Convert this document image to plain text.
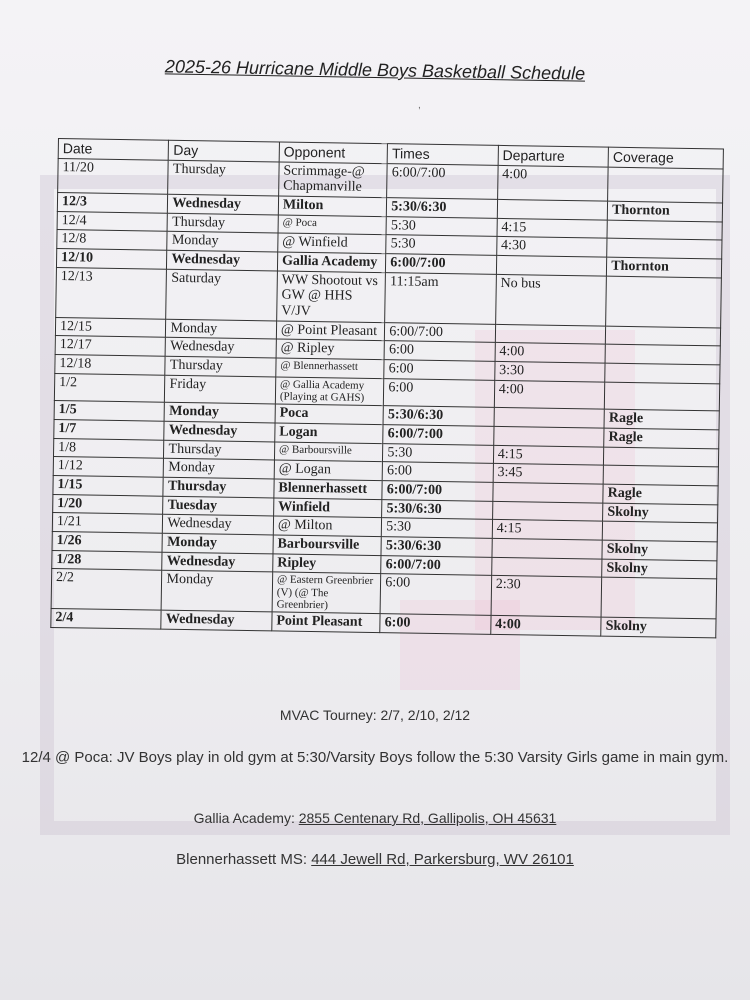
2025-26 Hurricane Middle Boys Basketball Schedule
,
Date	Day	Opponent	Times	Departure	Coverage
11/20	Thursday	Scrimmage-@ Chapmanville	6:00/7:00	4:00	
12/3	Wednesday	Milton	5:30/6:30		Thornton
12/4	Thursday	@ Poca	5:30	4:15	
12/8	Monday	@ Winfield	5:30	4:30	
12/10	Wednesday	Gallia Academy	6:00/7:00		Thornton
12/13	Saturday	WW Shootout vs GW @ HHS V/JV	11:15am	No bus	
12/15	Monday	@ Point Pleasant	6:00/7:00		
12/17	Wednesday	@ Ripley	6:00	4:00	
12/18	Thursday	@ Blennerhassett	6:00	3:30	
1/2	Friday	@ Gallia Academy (Playing at GAHS)	6:00	4:00	
1/5	Monday	Poca	5:30/6:30		Ragle
1/7	Wednesday	Logan	6:00/7:00		Ragle
1/8	Thursday	@ Barboursville	5:30	4:15	
1/12	Monday	@ Logan	6:00	3:45	
1/15	Thursday	Blennerhassett	6:00/7:00		Ragle
1/20	Tuesday	Winfield	5:30/6:30		Skolny
1/21	Wednesday	@ Milton	5:30	4:15	
1/26	Monday	Barboursville	5:30/6:30		Skolny
1/28	Wednesday	Ripley	6:00/7:00		Skolny
2/2	Monday	@ Eastern Greenbrier (V) (@ The Greenbrier)	6:00	2:30	
2/4	Wednesday	Point Pleasant	6:00	4:00	Skolny
MVAC Tourney: 2/7, 2/10, 2/12
12/4 @ Poca: JV Boys play in old gym at 5:30/Varsity Boys follow the 5:30 Varsity Girls game in main gym.
Gallia Academy: 2855 Centenary Rd, Gallipolis, OH 45631
Blennerhassett MS: 444 Jewell Rd, Parkersburg, WV 26101
